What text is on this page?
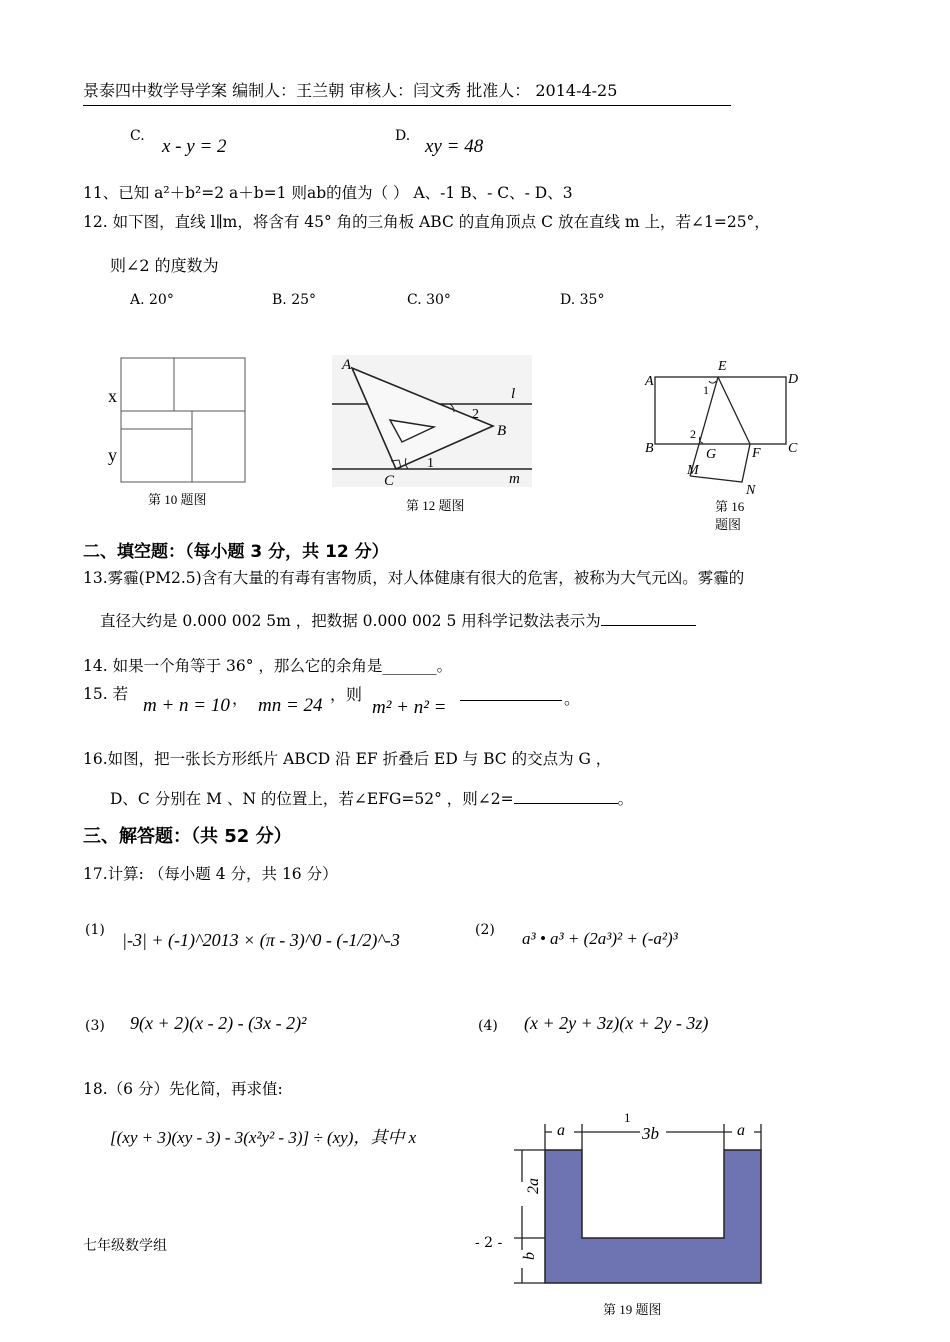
景泰四中数学导学案 编制人：王兰朝 审核人：闫文秀 批准人： 2014-4-25
C. x - y = 2	D. xy = 48
11、已知 a²＋b²=2 a＋b=1 则ab的值为（ ） A、-1 B、- C、- D、3
12. 如下图，直线 l∥m，将含有 45° 角的三角板 ABC 的直角顶点 C 放在直线 m 上，若∠1=25°，
则∠2 的度数为
A. 20°	B. 25°	C. 30°	D. 35°
x
y
第 10 题图
A
B
C
l
m
1
2
第 12 题图
A	D
B	C
E
F
G
M
N
1
2
第 16
题图
二、填空题：（每小题 3 分，共 12 分）
13.雾霾(PM2.5)含有大量的有毒有害物质，对人体健康有很大的危害，被称为大气元凶。雾霾的
直径大约是 0.000 002 5m ，把数据 0.000 002 5 用科学记数法表示为
14. 如果一个角等于 36° ，那么它的余角是_______。
15. 若
m + n = 10 ， mn = 24
，则
m² + n² =	。
16.如图，把一张长方形纸片 ABCD 沿 EF 折叠后 ED 与 BC 的交点为 G ，
D、C 分别在 M 、N 的位置上，若∠EFG=52° ，则∠2=	。
三、解答题：（共 52 分）
17.计算: （每小题 4 分，共 16 分）
(1) |-3| + (-1)^2013 × (π - 3)^0 - (-1/2)^-3	(2) a³ • a³ + (2a³)² + (-a²)³
(3) 9(x + 2)(x - 2) - (3x - 2)²	(4) (x + 2y + 3z)(x + 2y - 3z)
18.（6 分）先化简，再求值:
[(xy + 3)(xy - 3) - 3(x²y² - 3)] ÷ (xy)，其中 x	a	3b	a
2a
b
1
第 19 题图
七年级数学组	- 2 -
